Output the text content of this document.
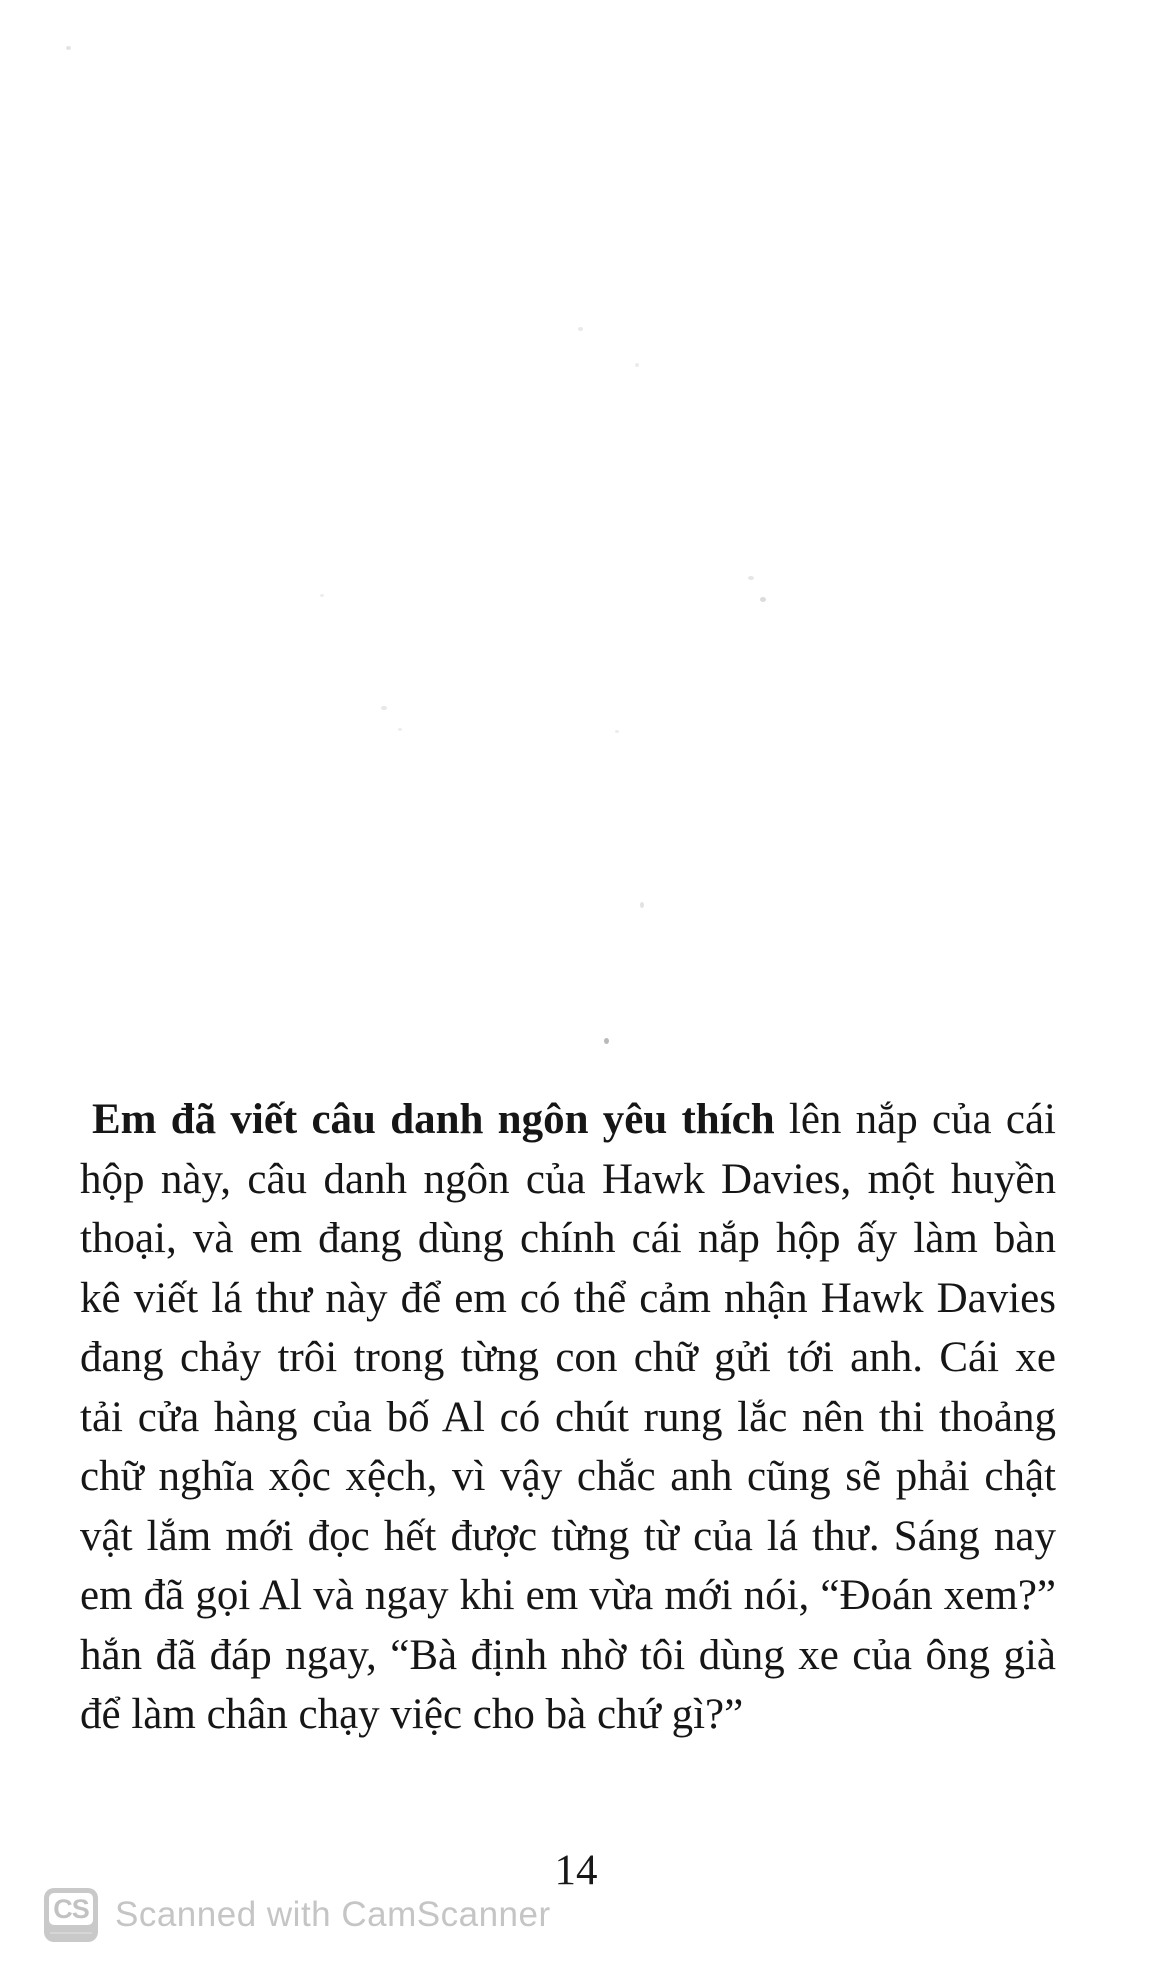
Em đã viết câu danh ngôn yêu thích lên nắp của cái
hộp này, câu danh ngôn của Hawk Davies, một huyền
thoại, và em đang dùng chính cái nắp hộp ấy làm bàn
kê viết lá thư này để em có thể cảm nhận Hawk Davies
đang chảy trôi trong từng con chữ gửi tới anh. Cái xe
tải cửa hàng của bố Al có chút rung lắc nên thi thoảng
chữ nghĩa xộc xệch, vì vậy chắc anh cũng sẽ phải chật
vật lắm mới đọc hết được từng từ của lá thư. Sáng nay
em đã gọi Al và ngay khi em vừa mới nói, “Đoán xem?”
hắn đã đáp ngay, “Bà định nhờ tôi dùng xe của ông già
để làm chân chạy việc cho bà chứ gì?”
14
CS Scanned with CamScanner
